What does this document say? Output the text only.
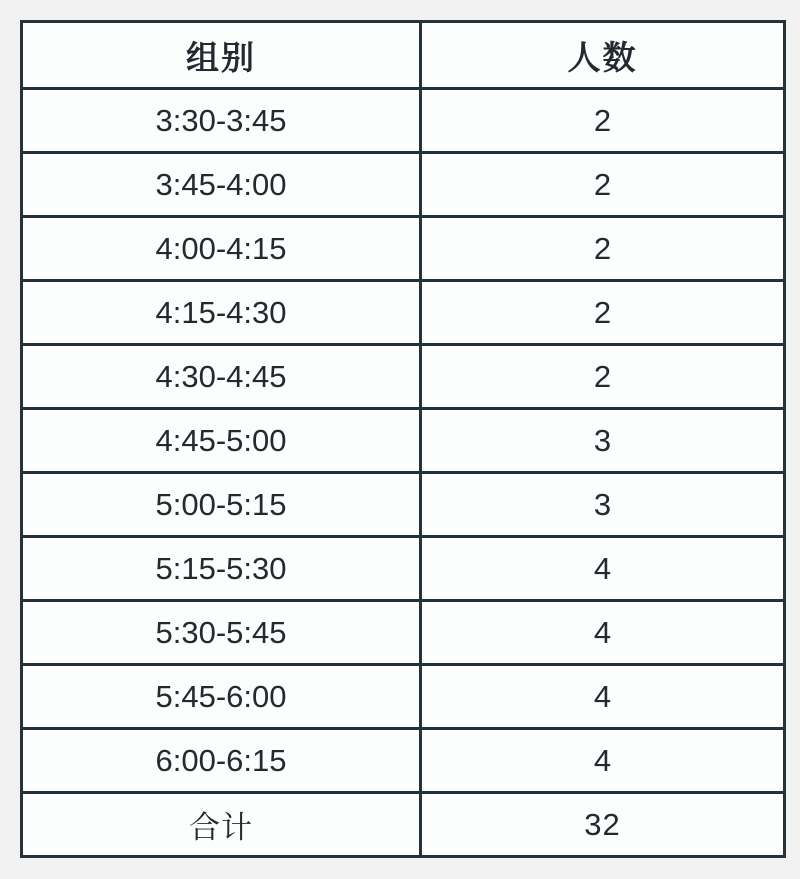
组别	人数
3:30-3:45	2
3:45-4:00	2
4:00-4:15	2
4:15-4:30	2
4:30-4:45	2
4:45-5:00	3
5:00-5:15	3
5:15-5:30	4
5:30-5:45	4
5:45-6:00	4
6:00-6:15	4
合计	32
